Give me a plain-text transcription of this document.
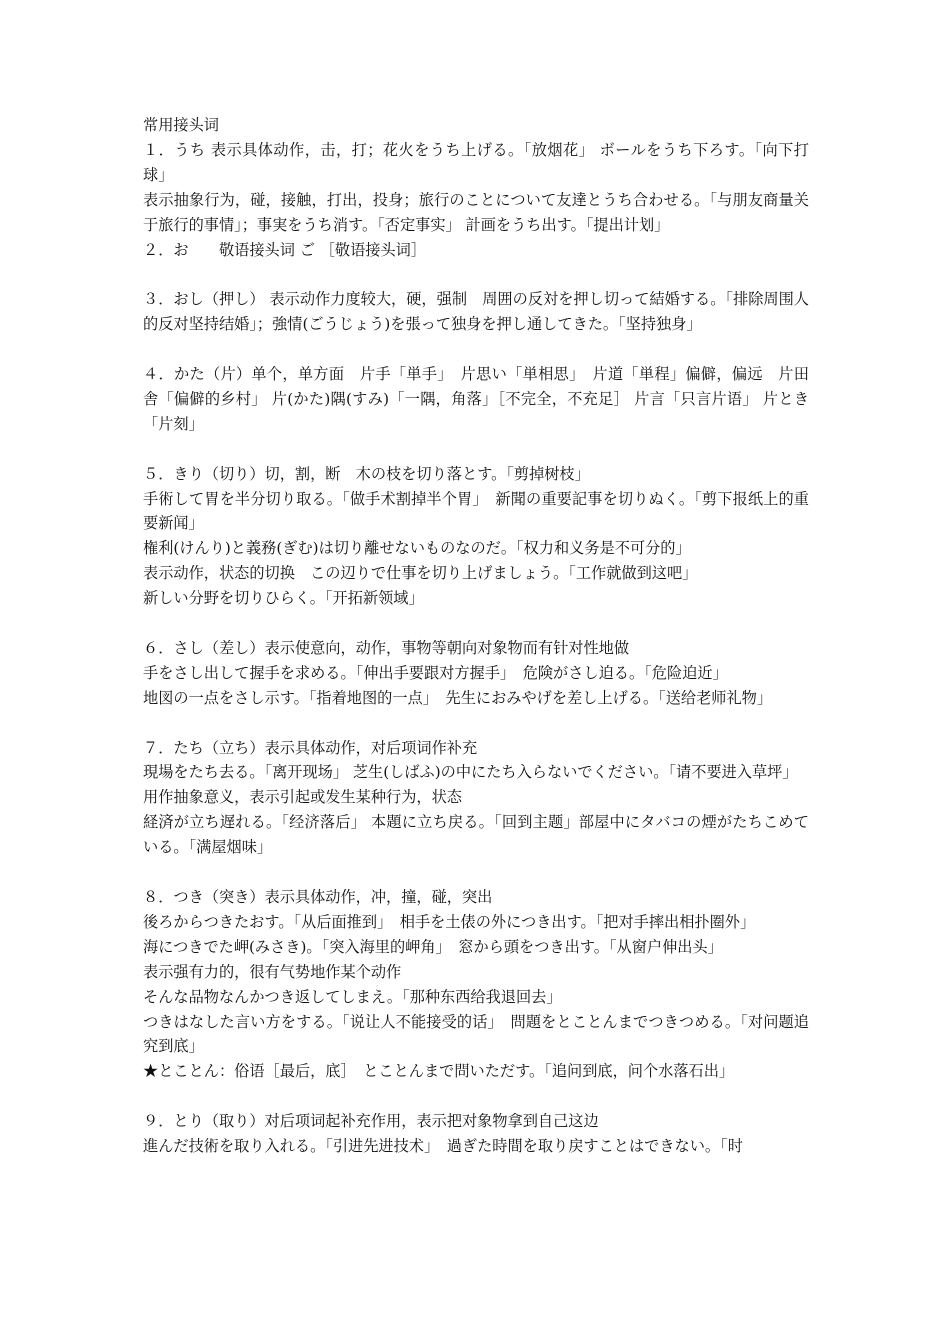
常用接头词
１．うち 表示具体动作，击，打；花火をうち上げる。「放烟花」 ボールをうち下ろす。「向下打球」
表示抽象行为，碰，接触，打出，投身；旅行のことについて友達とうち合わせる。「与朋友商量关于旅行的事情」；事実をうち消す。「否定事实」 計画をうち出す。「提出计划」
２．お　　敬语接头词 ご ［敬语接头词］
３．おし（押し） 表示动作力度较大，硬，强制　周囲の反対を押し切って結婚する。「排除周围人的反对坚持结婚」；強情(ごうじょう)を張って独身を押し通してきた。「坚持独身」
４．かた（片）单个，单方面　片手「単手」　片思い「単相思」　片道「単程」偏僻，偏远　片田舎「偏僻的乡村」 片(かた)隅(すみ)「一隅，角落」［不完全，不充足］ 片言「只言片语」 片とき「片刻」
５．きり（切り）切，割，断　木の枝を切り落とす。「剪掉树枝」
手術して胃を半分切り取る。「做手术割掉半个胃」　新聞の重要記事を切りぬく。「剪下报纸上的重要新闻」
権利(けんり)と義務(ぎむ)は切り離せないものなのだ。「权力和义务是不可分的」
表示动作，状态的切换　この辺りで仕事を切り上げましょう。「工作就做到这吧」
新しい分野を切りひらく。「开拓新领域」
６．さし（差し）表示使意向，动作，事物等朝向对象物而有针对性地做
手をさし出して握手を求める。「伸出手要跟对方握手」　危険がさし迫る。「危险迫近」
地図の一点をさし示す。「指着地图的一点」　先生におみやげを差し上げる。「送给老师礼物」
７．たち（立ち）表示具体动作，对后项词作补充
現場をたち去る。「离开现场」 芝生(しばふ)の中にたち入らないでください。「请不要进入草坪」
用作抽象意义，表示引起或发生某种行为，状态
経済が立ち遅れる。「经济落后」 本題に立ち戻る。「回到主题」部屋中にタバコの煙がたちこめている。「满屋烟味」
８．つき（突き）表示具体动作，冲，撞，碰，突出
後ろからつきたおす。「从后面推到」　相手を土俵の外につき出す。「把对手摔出相扑圈外」
海につきでた岬(みさき)。「突入海里的岬角」　窓から頭をつき出す。「从窗户伸出头」
表示强有力的，很有气势地作某个动作
そんな品物なんかつき返してしまえ。「那种东西给我退回去」
つきはなした言い方をする。「说让人不能接受的话」　問題をとことんまでつきつめる。「对问题追究到底」
★とことん：俗语［最后，底］　とことんまで問いただす。「追问到底，问个水落石出」
９．とり（取り）对后项词起补充作用，表示把对象物拿到自己这边
進んだ技術を取り入れる。「引进先进技术」　過ぎた時間を取り戻すことはできない。「时
